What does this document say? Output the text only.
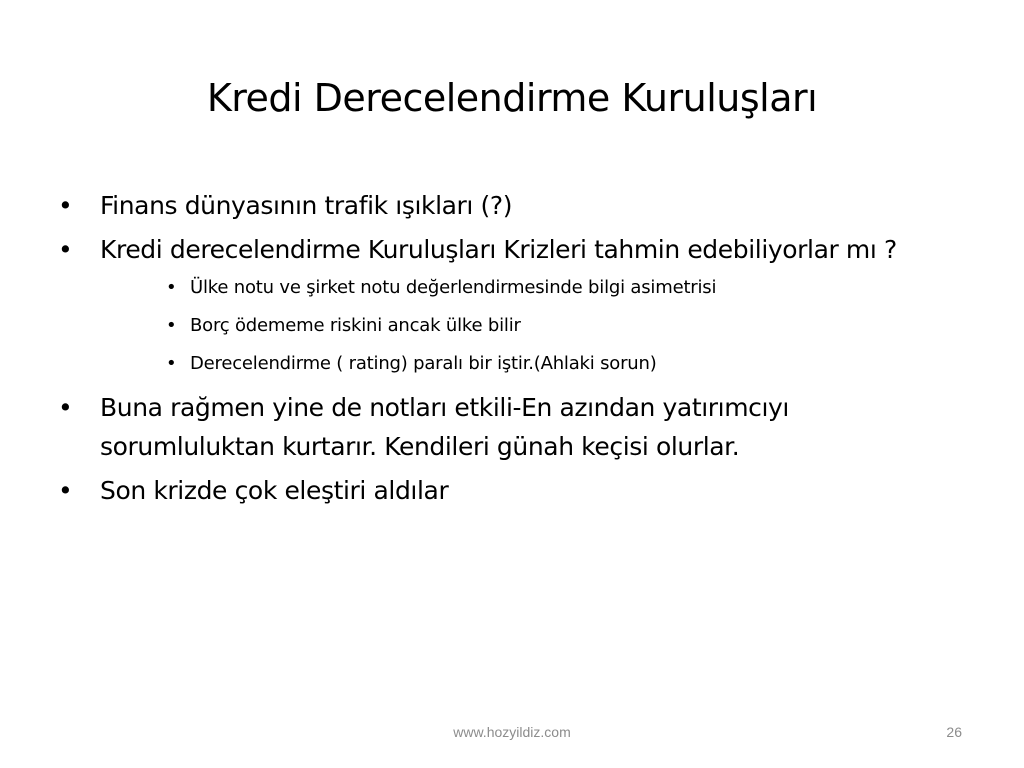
Kredi Derecelendirme Kuruluşları
• Finans dünyasının trafik ışıkları (?)
• Kredi derecelendirme Kuruluşları Krizleri tahmin edebiliyorlar mı ?
• Ülke notu ve şirket notu değerlendirmesinde bilgi asimetrisi
• Borç ödememe riskini ancak ülke bilir
• Derecelendirme ( rating) paralı bir iştir.(Ahlaki sorun)
• Buna rağmen yine de notları etkili-En azından yatırımcıyı sorumluluktan kurtarır. Kendileri günah keçisi olurlar.
• Son krizde çok eleştiri aldılar
www.hozyildiz.com	26
